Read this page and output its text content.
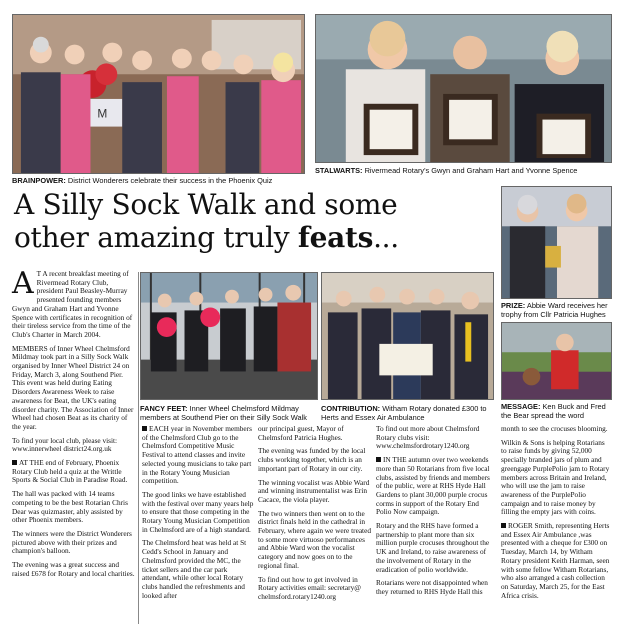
M
BRAINPOWER: District Wonderers celebrate their success in the Phoenix Quiz
STALWARTS: Rivermead Rotary's Gwyn and Graham Hart and Yvonne Spence
A Silly Sock Walk and some
other amazing truly feats...
PRIZE: Abbie Ward receives her trophy from Cllr Patricia Hughes
MESSAGE: Ken Buck and Fred the Bear spread the word
FANCY FEET: Inner Wheel Chelmsford Mildmay members at Southend Pier on their Silly Sock Walk
CONTRIBUTION: Witham Rotary donated £300 to Herts and Essex Air Ambulance

A T A recent breakfast meeting of Rivermead Rotary Club, president Paul Beasley-Murray presented founding members Gwyn and Graham Hart and Yvonne Spence with certificates in recognition of their tireless service from the time of the Club's Charter in March 2004.

MEMBERS of Inner Wheel Chelmsford Mildmay took part in a Silly Sock Walk organised by Inner Wheel District 24 on Friday, March 3, along Southend Pier. This event was held during Eating Disorders Awareness Week to raise awareness for Beat, the UK's eating disorder charity. The Association of Inner Wheel had chosen Beat as its charity of the year.

To find your local club, please visit: www.innerwheel district24.org.uk

AT THE end of February, Phoenix Rotary Club held a quiz at the Writtle Sports & Social Club in Paradise Road.

The hall was packed with 14 teams competing to be the best Rotarian Chris Dear was quizmaster, ably assisted by other Phoenix members.

The winners were the District Wonderers pictured above with their prizes and champion's balloon.

The evening was a great success and raised £678 for Rotary and local charities.

EACH year in November members of the Chelmsford Club go to the Chelmsford Competitive Music Festival to attend classes and invite selected young musicians to take part in the Rotary Young Musician competition.

The good links we have established with the festival over many years help to ensure that those competing in the Rotary Young Musician Competition in Chelmsford are of a high standard.

The Chelmsford heat was held at St Cedd's School in January and Chelmsford provided the MC, the ticket sellers and the car park attendant, while other local Rotary clubs handled the refreshments and looked after

our principal guest, Mayor of Chelmsford Patricia Hughes.

The evening was funded by the local clubs working together, which is an important part of Rotary in our city.

The winning vocalist was Abbie Ward and winning instrumentalist was Erin Cacace, the viola player.

The two winners then went on to the district finals held in the cathedral in February, where again we were treated to some more virtuoso performances and Abbie Ward won the vocalist category and now goes on to the regional final.

To find out how to get involved in Rotary activities email: secretary@ chelmsford.rotary1240.org

To find out more about Chelmsford Rotary clubs visit: www.chelmsfordrotary1240.org

IN THE autumn over two weekends more than 50 Rotarians from five local clubs, assisted by friends and members of the public, were at RHS Hyde Hall Gardens to plant 30,000 purple crocus corms in support of the Rotary End Polio Now campaign.

Rotary and the RHS have formed a partnership to plant more than six million purple crocuses throughout the UK and Ireland, to raise awareness of the involvement of Rotary in the eradication of polio worldwide.

Rotarians were not disappointed when they returned to RHS Hyde Hall this

month to see the crocuses blooming.

Wilkin & Sons is helping Rotarians to raise funds by giving 52,000 specially branded jars of plum and greengage PurplePolio jam to Rotary members across Britain and Ireland, who will use the jam to raise awareness of the PurplePolio campaign and to raise money by filling the empty jars with coins.

ROGER Smith, representing Herts and Essex Air Ambulance ,was presented with a cheque for £300 on Tuesday, March 14, by Witham Rotary president Keith Harman, seen with some fellow Witham Rotarians, who also arranged a cash collection on Saturday, March 25, for the East Africa crisis.
